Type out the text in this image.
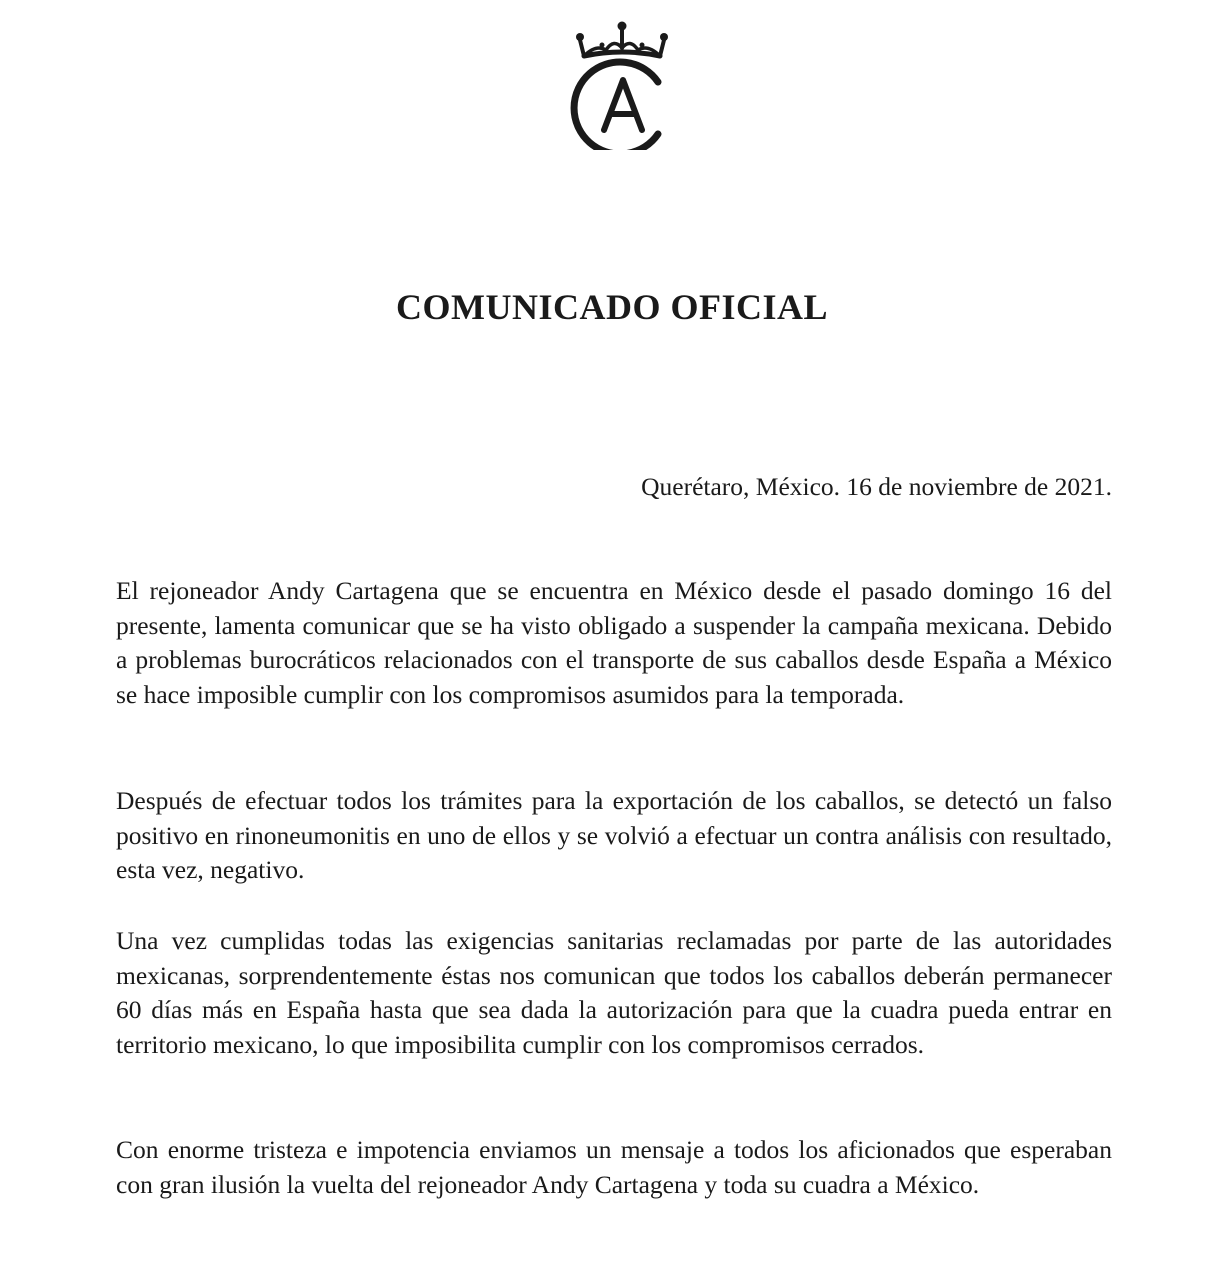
COMUNICADO OFICIAL

Querétaro, México. 16 de noviembre de 2021.

El rejoneador Andy Cartagena que se encuentra en México desde el pasado domingo 16 del presente, lamenta comunicar que se ha visto obligado a suspender la campaña mexicana. Debido a problemas burocráticos relacionados con el transporte de sus caballos desde España a México se hace imposible cumplir con los compromisos asumidos para la temporada.

Después de efectuar todos los trámites para la exportación de los caballos, se detectó un falso positivo en rinoneumonitis en uno de ellos y se volvió a efectuar un contra análisis con resultado, esta vez, negativo.

Una vez cumplidas todas las exigencias sanitarias reclamadas por parte de las autoridades mexicanas, sorprendentemente éstas nos comunican que todos los caballos deberán permanecer 60 días más en España hasta que sea dada la autorización para que la cuadra pueda entrar en territorio mexicano, lo que imposibilita cumplir con los compromisos cerrados.

Con enorme tristeza e impotencia enviamos un mensaje a todos los aficionados que esperaban con gran ilusión la vuelta del rejoneador Andy Cartagena y toda su cuadra a México.
